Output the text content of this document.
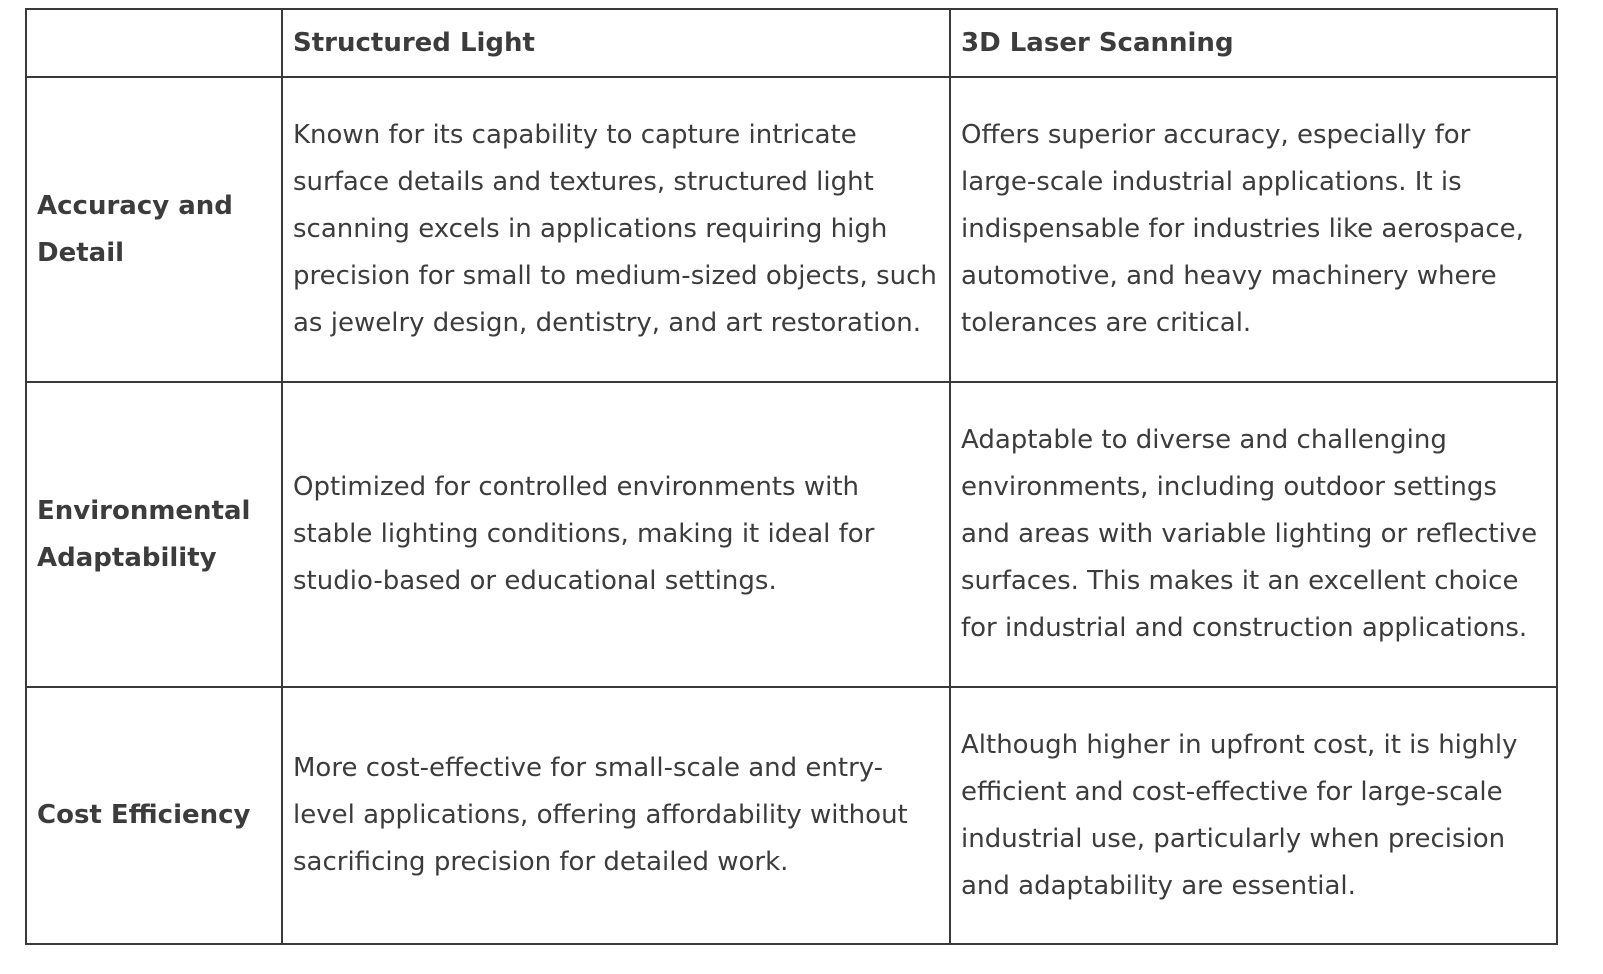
	Structured Light	3D Laser Scanning
Accuracy and Detail	Known for its capability to capture intricate surface details and textures, structured light scanning excels in applications requiring high precision for small to medium-sized objects, such as jewelry design, dentistry, and art restoration.	Offers superior accuracy, especially for large-scale industrial applications. It is indispensable for industries like aerospace, automotive, and heavy machinery where tolerances are critical.
Environmental Adaptability	Optimized for controlled environments with stable lighting conditions, making it ideal for studio-based or educational settings.	Adaptable to diverse and challenging environments, including outdoor settings and areas with variable lighting or reflective surfaces. This makes it an excellent choice for industrial and construction applications.
Cost Efficiency	More cost-effective for small-scale and entry-level applications, offering affordability without sacrificing precision for detailed work.	Although higher in upfront cost, it is highly efficient and cost-effective for large-scale industrial use, particularly when precision and adaptability are essential.
